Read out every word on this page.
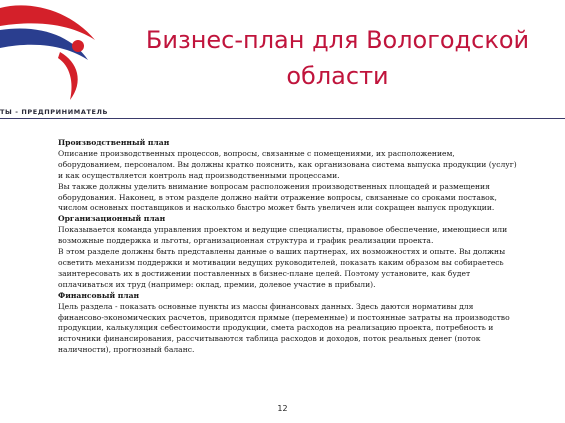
ТЫ - ПРЕДПРИНИМАТЕЛЬ
Бизнес-план для Вологодской
области

Производственный план

Описание производственных процессов, вопросы, связанные с помещениями, их расположением, оборудованием, персоналом. Вы должны кратко пояснить, как организована система выпуска продукции (услуг) и как осуществляется контроль над производственными процессами.

Вы также должны уделить внимание вопросам расположения производственных площадей и размещения оборудования. Наконец, в этом разделе должно найти отражение вопросы, связанные со сроками поставок, числом основных поставщиков и насколько быстро может быть увеличен или сокращен выпуск продукции.

Организационный план

Показывается команда управления проектом и ведущие специалисты, правовое обеспечение, имеющиеся или возможные поддержка и льготы, организационная структура и график реализации проекта.

В этом разделе должны быть представлены данные о ваших партнерах, их возможностях и опыте. Вы должны осветить механизм поддержки и мотивации ведущих руководителей, показать каким образом вы собираетесь заинтересовать их в достижении поставленных в бизнес-плане целей. Поэтому установите, как будет оплачиваться их труд (например: оклад, премии, долевое участие в прибыли).

Финансовый план

Цель раздела - показать основные пункты из массы финансовых данных. Здесь даются нормативы для финансово-экономических расчетов, приводятся прямые (переменные) и постоянные затраты на производство продукции, калькуляция себестоимости продукции, смета расходов на реализацию проекта, потребность и источники финансирования, рассчитываются таблица расходов и доходов, поток реальных денег (поток наличности), прогнозный баланс.

12
